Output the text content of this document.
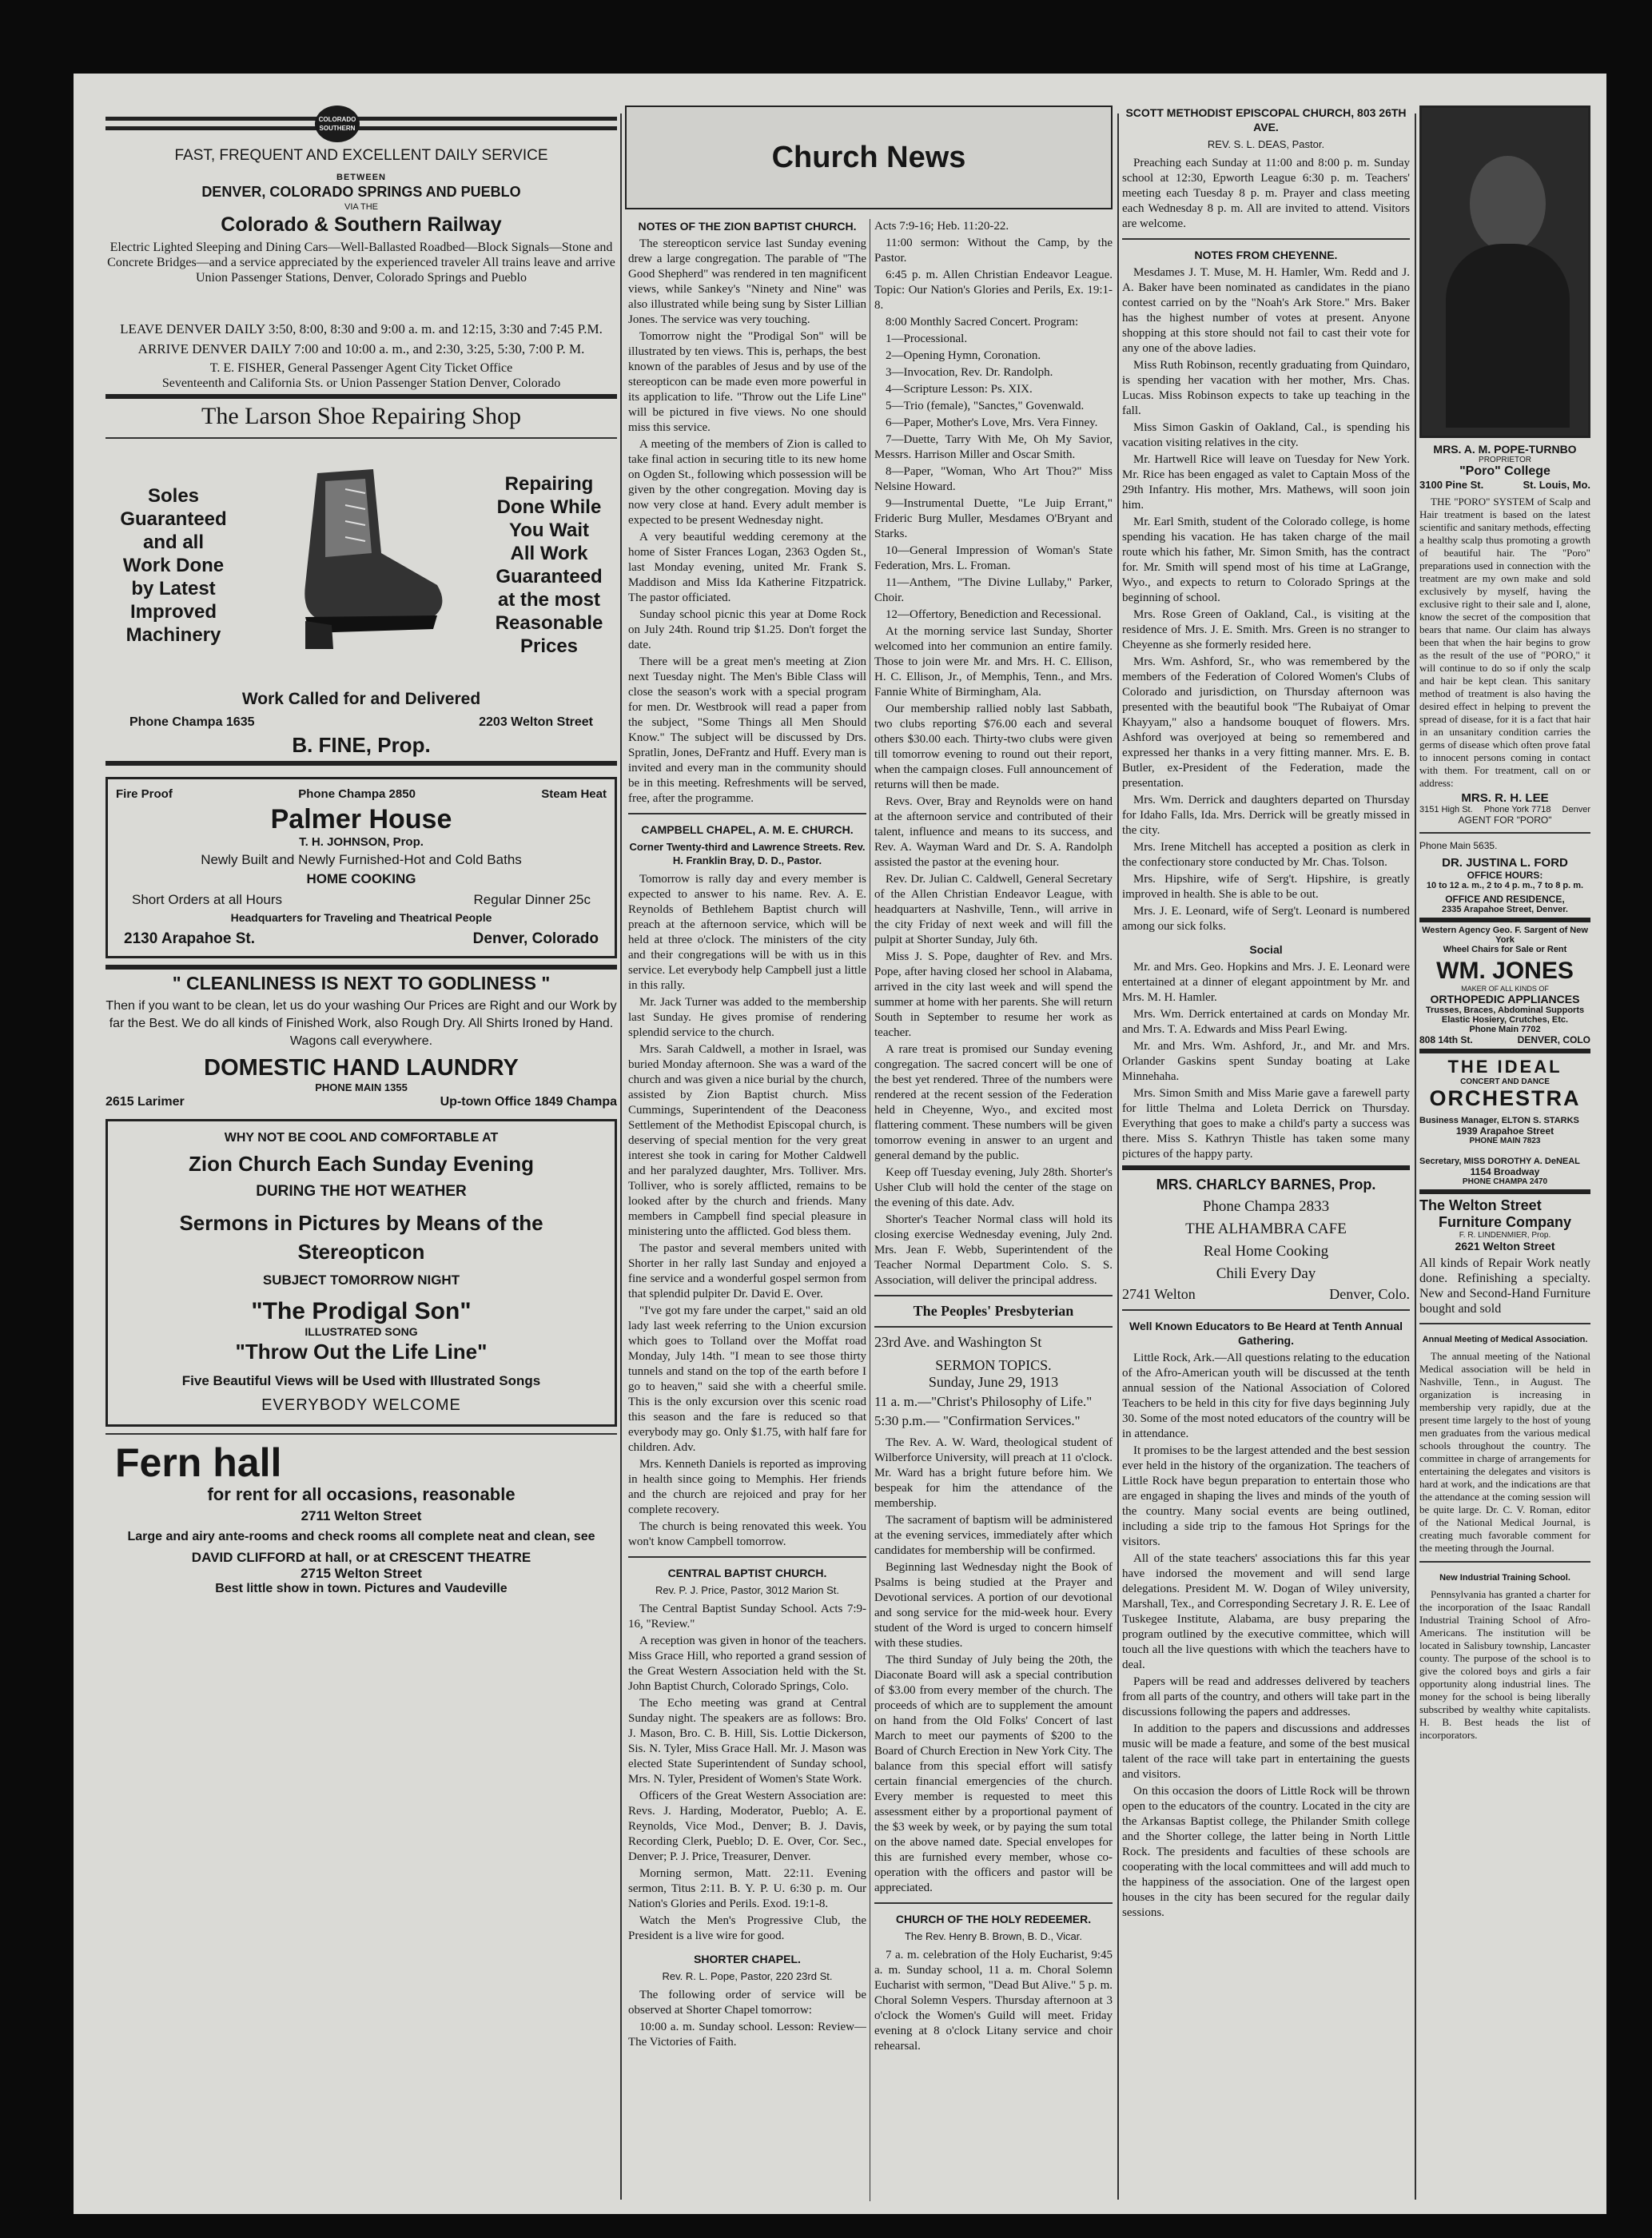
COLORADO
SOUTHERN
FAST, FREQUENT AND EXCELLENT DAILY SERVICE
BETWEEN
DENVER, COLORADO SPRINGS AND PUEBLO
VIA THE
Colorado & Southern Railway
Electric Lighted Sleeping and Dining Cars—Well-Ballasted Roadbed—Block Signals—Stone and Concrete Bridges—and a service appreciated by the experienced traveler All trains leave and arrive Union Passenger Stations, Denver, Colorado Springs and Pueblo
LEAVE DENVER DAILY 3:50, 8:00, 8:30 and 9:00 a. m. and 12:15, 3:30 and 7:45 P.M.
ARRIVE DENVER DAILY 7:00 and 10:00 a. m., and 2:30, 3:25, 5:30, 7:00 P. M.
T. E. FISHER, General Passenger Agent City Ticket Office
Seventeenth and California Sts. or Union Passenger Station Denver, Colorado
The Larson Shoe Repairing Shop
Soles
Guaranteed
and all
Work Done
by Latest
Improved
Machinery
Repairing
Done While
You Wait
All Work
Guaranteed
at the most
Reasonable
Prices
Work Called for and Delivered
Phone Champa 1635	2203 Welton Street
B. FINE, Prop.
Fire Proof	Phone Champa 2850	Steam Heat
Palmer House
T. H. JOHNSON, Prop.
Newly Built and Newly Furnished-Hot and Cold Baths
HOME COOKING
Short Orders at all Hours	Regular Dinner 25c
Headquarters for Traveling and Theatrical People
2130 Arapahoe St.	Denver, Colorado
" CLEANLINESS IS NEXT TO GODLINESS "
Then if you want to be clean, let us do your washing Our Prices are Right and our Work by far the Best. We do all kinds of Finished Work, also Rough Dry. All Shirts Ironed by Hand. Wagons call everywhere.
DOMESTIC HAND LAUNDRY
PHONE MAIN 1355
2615 Larimer	Up-town Office 1849 Champa
WHY NOT BE COOL AND COMFORTABLE AT
Zion Church Each Sunday Evening
DURING THE HOT WEATHER
Sermons in Pictures by Means of the Stereopticon
SUBJECT TOMORROW NIGHT
"The Prodigal Son"
ILLUSTRATED SONG
"Throw Out the Life Line"
Five Beautiful Views will be Used with Illustrated Songs
EVERYBODY WELCOME
Fern hall
for rent for all occasions, reasonable
2711 Welton Street
Large and airy ante-rooms and check rooms all complete neat and clean, see
DAVID CLIFFORD at hall, or at CRESCENT THEATRE
2715 Welton Street
Best little show in town. Pictures and Vaudeville
Church News
NOTES OF THE ZION BAPTIST CHURCH.

The stereopticon service last Sunday evening drew a large congregation. The parable of "The Good Shepherd" was rendered in ten magnificent views, while Sankey's "Ninety and Nine" was also illustrated while being sung by Sister Lillian Jones. The service was very touching.

Tomorrow night the "Prodigal Son" will be illustrated by ten views. This is, perhaps, the best known of the parables of Jesus and by use of the stereopticon can be made even more powerful in its application to life. "Throw out the Life Line" will be pictured in five views. No one should miss this service.

A meeting of the members of Zion is called to take final action in securing title to its new home on Ogden St., following which possession will be given by the other congregation. Moving day is now very close at hand. Every adult member is expected to be present Wednesday night.

A very beautiful wedding ceremony at the home of Sister Frances Logan, 2363 Ogden St., last Monday evening, united Mr. Frank S. Maddison and Miss Ida Katherine Fitzpatrick. The pastor officiated.

Sunday school picnic this year at Dome Rock on July 24th. Round trip $1.25. Don't forget the date.

There will be a great men's meeting at Zion next Tuesday night. The Men's Bible Class will close the season's work with a special program for men. Dr. Westbrook will read a paper from the subject, "Some Things all Men Should Know." The subject will be discussed by Drs. Spratlin, Jones, DeFrantz and Huff. Every man is invited and every man in the community should be in this meeting. Refreshments will be served, free, after the programme.

CAMPBELL CHAPEL, A. M. E. CHURCH.
Corner Twenty-third and Lawrence Streets. Rev. H. Franklin Bray, D. D., Pastor.

Tomorrow is rally day and every member is expected to answer to his name. Rev. A. E. Reynolds of Bethlehem Baptist church will preach at the afternoon service, which will be held at three o'clock. The ministers of the city and their congregations will be with us in this service. Let everybody help Campbell just a little in this rally.

Mr. Jack Turner was added to the membership last Sunday. He gives promise of rendering splendid service to the church.

Mrs. Sarah Caldwell, a mother in Israel, was buried Monday afternoon. She was a ward of the church and was given a nice burial by the church, assisted by Zion Baptist church. Miss Cummings, Superintendent of the Deaconess Settlement of the Methodist Episcopal church, is deserving of special mention for the very great interest she took in caring for Mother Caldwell and her paralyzed daughter, Mrs. Tolliver. Mrs. Tolliver, who is sorely afflicted, remains to be looked after by the church and friends. Many members in Campbell find special pleasure in ministering unto the afflicted. God bless them.

The pastor and several members united with Shorter in her rally last Sunday and enjoyed a fine service and a wonderful gospel sermon from that splendid pulpiter Dr. David E. Over.

"I've got my fare under the carpet," said an old lady last week referring to the Union excursion which goes to Tolland over the Moffat road Monday, July 14th. "I mean to see those thirty tunnels and stand on the top of the earth before I go to heaven," said she with a cheerful smile. This is the only excursion over this scenic road this season and the fare is reduced so that everybody may go. Only $1.75, with half fare for children. Adv.

Mrs. Kenneth Daniels is reported as improving in health since going to Memphis. Her friends and the church are rejoiced and pray for her complete recovery.

The church is being renovated this week. You won't know Campbell tomorrow.

CENTRAL BAPTIST CHURCH.
Rev. P. J. Price, Pastor, 3012 Marion St.

The Central Baptist Sunday School. Acts 7:9-16, "Review."

A reception was given in honor of the teachers. Miss Grace Hill, who reported a grand session of the Great Western Association held with the St. John Baptist Church, Colorado Springs, Colo.

The Echo meeting was grand at Central Sunday night. The speakers are as follows: Bro. J. Mason, Bro. C. B. Hill, Sis. Lottie Dickerson, Sis. N. Tyler, Miss Grace Hall. Mr. J. Mason was elected State Superintendent of Sunday school, Mrs. N. Tyler, President of Women's State Work.

Officers of the Great Western Association are: Revs. J. Harding, Moderator, Pueblo; A. E. Reynolds, Vice Mod., Denver; B. J. Davis, Recording Clerk, Pueblo; D. E. Over, Cor. Sec., Denver; P. J. Price, Treasurer, Denver.

Morning sermon, Matt. 22:11. Evening sermon, Titus 2:11. B. Y. P. U. 6:30 p. m. Our Nation's Glories and Perils. Exod. 19:1-8.

Watch the Men's Progressive Club, the President is a live wire for good.

SHORTER CHAPEL.
Rev. R. L. Pope, Pastor, 220 23rd St.

The following order of service will be observed at Shorter Chapel tomorrow:

10:00 a. m. Sunday school. Lesson: Review—The Victories of Faith.

Acts 7:9-16; Heb. 11:20-22.

11:00 sermon: Without the Camp, by the Pastor.

6:45 p. m. Allen Christian Endeavor League. Topic: Our Nation's Glories and Perils, Ex. 19:1-8.

8:00 Monthly Sacred Concert. Program:

1—Processional.

2—Opening Hymn, Coronation.

3—Invocation, Rev. Dr. Randolph.

4—Scripture Lesson: Ps. XIX.

5—Trio (female), "Sanctes," Govenwald.

6—Paper, Mother's Love, Mrs. Vera Finney.

7—Duette, Tarry With Me, Oh My Savior, Messrs. Harrison Miller and Oscar Smith.

8—Paper, "Woman, Who Art Thou?" Miss Nelsine Howard.

9—Instrumental Duette, "Le Juip Errant," Frideric Burg Muller, Mesdames O'Bryant and Starks.

10—General Impression of Woman's State Federation, Mrs. L. Froman.

11—Anthem, "The Divine Lullaby," Parker, Choir.

12—Offertory, Benediction and Recessional.

At the morning service last Sunday, Shorter welcomed into her communion an entire family. Those to join were Mr. and Mrs. H. C. Ellison, H. C. Ellison, Jr., of Memphis, Tenn., and Mrs. Fannie White of Birmingham, Ala.

Our membership rallied nobly last Sabbath, two clubs reporting $76.00 each and several others $30.00 each. Thirty-two clubs were given till tomorrow evening to round out their report, when the campaign closes. Full announcement of returns will then be made.

Revs. Over, Bray and Reynolds were on hand at the afternoon service and contributed of their talent, influence and means to its success, and Rev. A. Wayman Ward and Dr. S. A. Randolph assisted the pastor at the evening hour.

Rev. Dr. Julian C. Caldwell, General Secretary of the Allen Christian Endeavor League, with headquarters at Nashville, Tenn., will arrive in the city Friday of next week and will fill the pulpit at Shorter Sunday, July 6th.

Miss J. S. Pope, daughter of Rev. and Mrs. Pope, after having closed her school in Alabama, arrived in the city last week and will spend the summer at home with her parents. She will return South in September to resume her work as teacher.

A rare treat is promised our Sunday evening congregation. The sacred concert will be one of the best yet rendered. Three of the numbers were rendered at the recent session of the Federation held in Cheyenne, Wyo., and excited most flattering comment. These numbers will be given tomorrow evening in answer to an urgent and general demand by the public.

Keep off Tuesday evening, July 28th. Shorter's Usher Club will hold the center of the stage on the evening of this date. Adv.

Shorter's Teacher Normal class will hold its closing exercise Wednesday evening, July 2nd. Mrs. Jean F. Webb, Superintendent of the Teacher Normal Department Colo. S. S. Association, will deliver the principal address.

The Peoples' Presbyterian
23rd Ave. and Washington St
SERMON TOPICS.
Sunday, June 29, 1913
11 a. m.—"Christ's Philosophy of Life."
5:30 p.m.— "Confirmation Services."

The Rev. A. W. Ward, theological student of Wilberforce University, will preach at 11 o'clock. Mr. Ward has a bright future before him. We bespeak for him the attendance of the membership.

The sacrament of baptism will be administered at the evening services, immediately after which candidates for membership will be confirmed.

Beginning last Wednesday night the Book of Psalms is being studied at the Prayer and Devotional services. A portion of our devotional and song service for the mid-week hour. Every student of the Word is urged to concern himself with these studies.

The third Sunday of July being the 20th, the Diaconate Board will ask a special contribution of $3.00 from every member of the church. The proceeds of which are to supplement the amount on hand from the Old Folks' Concert of last March to meet our payments of $200 to the Board of Church Erection in New York City. The balance from this special effort will satisfy certain financial emergencies of the church. Every member is requested to meet this assessment either by a proportional payment of the $3 week by week, or by paying the sum total on the above named date. Special envelopes for this are furnished every member, whose co-operation with the officers and pastor will be appreciated.

CHURCH OF THE HOLY REDEEMER.
The Rev. Henry B. Brown, B. D., Vicar.

7 a. m. celebration of the Holy Eucharist, 9:45 a. m. Sunday school, 11 a. m. Choral Solemn Eucharist with sermon, "Dead But Alive." 5 p. m. Choral Solemn Vespers. Thursday afternoon at 3 o'clock the Women's Guild will meet. Friday evening at 8 o'clock Litany service and choir rehearsal.

SCOTT METHODIST EPISCOPAL CHURCH, 803 26TH AVE.
REV. S. L. DEAS, Pastor.

Preaching each Sunday at 11:00 and 8:00 p. m. Sunday school at 12:30, Epworth League 6:30 p. m. Teachers' meeting each Tuesday 8 p. m. Prayer and class meeting each Wednesday 8 p. m. All are invited to attend. Visitors are welcome.

NOTES FROM CHEYENNE.

Mesdames J. T. Muse, M. H. Hamler, Wm. Redd and J. A. Baker have been nominated as candidates in the piano contest carried on by the "Noah's Ark Store." Mrs. Baker has the highest number of votes at present. Anyone shopping at this store should not fail to cast their vote for any one of the above ladies.

Miss Ruth Robinson, recently graduating from Quindaro, is spending her vacation with her mother, Mrs. Chas. Lucas. Miss Robinson expects to take up teaching in the fall.

Miss Simon Gaskin of Oakland, Cal., is spending his vacation visiting relatives in the city.

Mr. Hartwell Rice will leave on Tuesday for New York. Mr. Rice has been engaged as valet to Captain Moss of the 29th Infantry. His mother, Mrs. Mathews, will soon join him.

Mr. Earl Smith, student of the Colorado college, is home spending his vacation. He has taken charge of the mail route which his father, Mr. Simon Smith, has the contract for. Mr. Smith will spend most of his time at LaGrange, Wyo., and expects to return to Colorado Springs at the beginning of school.

Mrs. Rose Green of Oakland, Cal., is visiting at the residence of Mrs. J. E. Smith. Mrs. Green is no stranger to Cheyenne as she formerly resided here.

Mrs. Wm. Ashford, Sr., who was remembered by the members of the Federation of Colored Women's Clubs of Colorado and jurisdiction, on Thursday afternoon was presented with the beautiful book "The Rubaiyat of Omar Khayyam," also a handsome bouquet of flowers. Mrs. Ashford was overjoyed at being so remembered and expressed her thanks in a very fitting manner. Mrs. E. B. Butler, ex-President of the Federation, made the presentation.

Mrs. Wm. Derrick and daughters departed on Thursday for Idaho Falls, Ida. Mrs. Derrick will be greatly missed in the city.

Mrs. Irene Mitchell has accepted a position as clerk in the confectionary store conducted by Mr. Chas. Tolson.

Mrs. Hipshire, wife of Serg't. Hipshire, is greatly improved in health. She is able to be out.

Mrs. J. E. Leonard, wife of Serg't. Leonard is numbered among our sick folks.

Social

Mr. and Mrs. Geo. Hopkins and Mrs. J. E. Leonard were entertained at a dinner of elegant appointment by Mr. and Mrs. M. H. Hamler.

Mrs. Wm. Derrick entertained at cards on Monday Mr. and Mrs. T. A. Edwards and Miss Pearl Ewing.

Mr. and Mrs. Wm. Ashford, Jr., and Mr. and Mrs. Orlander Gaskins spent Sunday boating at Lake Minnehaha.

Mrs. Simon Smith and Miss Marie gave a farewell party for little Thelma and Loleta Derrick on Thursday. Everything that goes to make a child's party a success was there. Miss S. Kathryn Thistle has taken some many pictures of the happy party.

MRS. CHARLCY BARNES, Prop.
Phone Champa 2833
THE ALHAMBRA CAFE
Real Home Cooking
Chili Every Day
2741 Welton	Denver, Colo.
Well Known Educators to Be Heard at Tenth Annual Gathering.

Little Rock, Ark.—All questions relating to the education of the Afro-American youth will be discussed at the tenth annual session of the National Association of Colored Teachers to be held in this city for five days beginning July 30. Some of the most noted educators of the country will be in attendance.

It promises to be the largest attended and the best session ever held in the history of the organization. The teachers of Little Rock have begun preparation to entertain those who are engaged in shaping the lives and minds of the youth of the country. Many social events are being outlined, including a side trip to the famous Hot Springs for the visitors.

All of the state teachers' associations this far this year have indorsed the movement and will send large delegations. President M. W. Dogan of Wiley university, Marshall, Tex., and Corresponding Secretary J. R. E. Lee of Tuskegee Institute, Alabama, are busy preparing the program outlined by the executive committee, which will touch all the live questions with which the teachers have to deal.

Papers will be read and addresses delivered by teachers from all parts of the country, and others will take part in the discussions following the papers and addresses.

In addition to the papers and discussions and addresses music will be made a feature, and some of the best musical talent of the race will take part in entertaining the guests and visitors.

On this occasion the doors of Little Rock will be thrown open to the educators of the country. Located in the city are the Arkansas Baptist college, the Philander Smith college and the Shorter college, the latter being in North Little Rock. The presidents and faculties of these schools are cooperating with the local committees and will add much to the happiness of the association. One of the largest open houses in the city has been secured for the regular daily sessions.

MRS. A. M. POPE-TURNBO
PROPRIETOR
"Poro" College
3100 Pine St.	St. Louis, Mo.

THE "PORO" SYSTEM of Scalp and Hair treatment is based on the latest scientific and sanitary methods, effecting a healthy scalp thus promoting a growth of beautiful hair. The "Poro" preparations used in connection with the treatment are my own make and sold exclusively by myself, having the exclusive right to their sale and I, alone, know the secret of the composition that bears that name. Our claim has always been that when the hair begins to grow as the result of the use of "PORO," it will continue to do so if only the scalp and hair be kept clean. This sanitary method of treatment is also having the desired effect in helping to prevent the spread of disease, for it is a fact that hair in an unsanitary condition carries the germs of disease which often prove fatal to innocent persons coming in contact with them. For treatment, call on or address:

MRS. R. H. LEE
3151 High St. Phone York 7718 Denver
AGENT FOR "PORO"
Phone Main 5635.
DR. JUSTINA L. FORD
OFFICE HOURS:
10 to 12 a. m., 2 to 4 p. m., 7 to 8 p. m.
OFFICE AND RESIDENCE,
2335 Arapahoe Street, Denver.
Western Agency Geo. F. Sargent of New York
Wheel Chairs for Sale or Rent
WM. JONES
MAKER OF ALL KINDS OF
ORTHOPEDIC APPLIANCES
Trusses, Braces, Abdominal Supports Elastic Hosiery, Crutches, Etc.
Phone Main 7702
808 14th St.	DENVER, COLO
THE IDEAL
CONCERT AND DANCE
ORCHESTRA
Business Manager, ELTON S. STARKS
1939 Arapahoe Street
PHONE MAIN 7823
Secretary, MISS DOROTHY A. DeNEAL
1154 Broadway
PHONE CHAMPA 2470
The Welton Street
Furniture Company
F. R. LINDENMIER, Prop.
2621 Welton Street

All kinds of Repair Work neatly done. Refinishing a specialty. New and Second-Hand Furniture bought and sold

Annual Meeting of Medical Association.

The annual meeting of the National Medical association will be held in Nashville, Tenn., in August. The organization is increasing in membership very rapidly, due at the present time largely to the host of young men graduates from the various medical schools throughout the country. The committee in charge of arrangements for entertaining the delegates and visitors is hard at work, and the indications are that the attendance at the coming session will be quite large. Dr. C. V. Roman, editor of the National Medical Journal, is creating much favorable comment for the meeting through the Journal.

New Industrial Training School.

Pennsylvania has granted a charter for the incorporation of the Isaac Randall Industrial Training School of Afro-Americans. The institution will be located in Salisbury township, Lancaster county. The purpose of the school is to give the colored boys and girls a fair opportunity along industrial lines. The money for the school is being liberally subscribed by wealthy white capitalists. H. B. Best heads the list of incorporators.
